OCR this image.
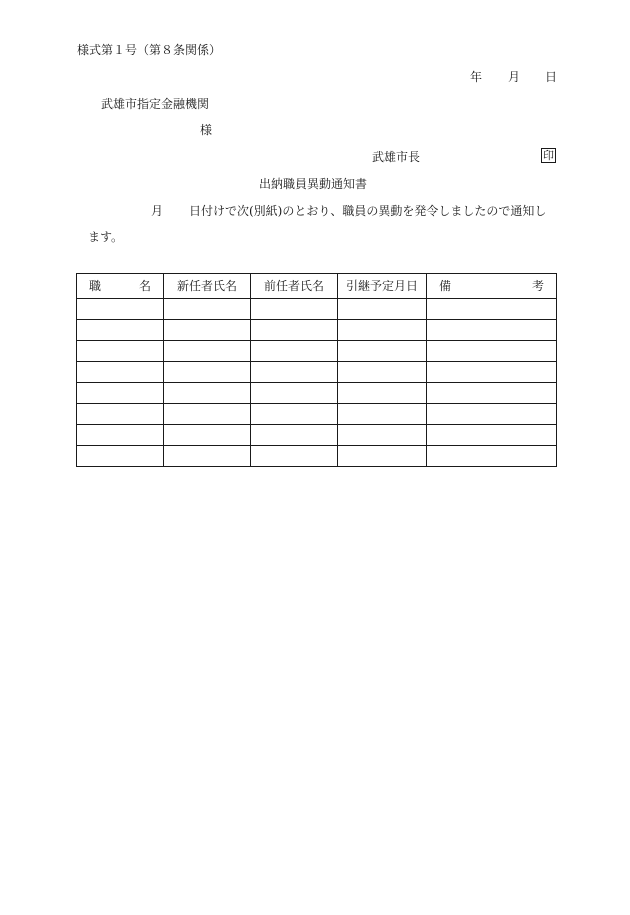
様式第１号（第８条関係）
年 月 日
武雄市指定金融機関
様
武雄市長	印
出納職員異動通知書
月 日付けで次(別紙)のとおり、職員の異動を発令しましたので通知し
ます。
職 名	新任者氏名	前任者氏名	引継予定月日	備 考
